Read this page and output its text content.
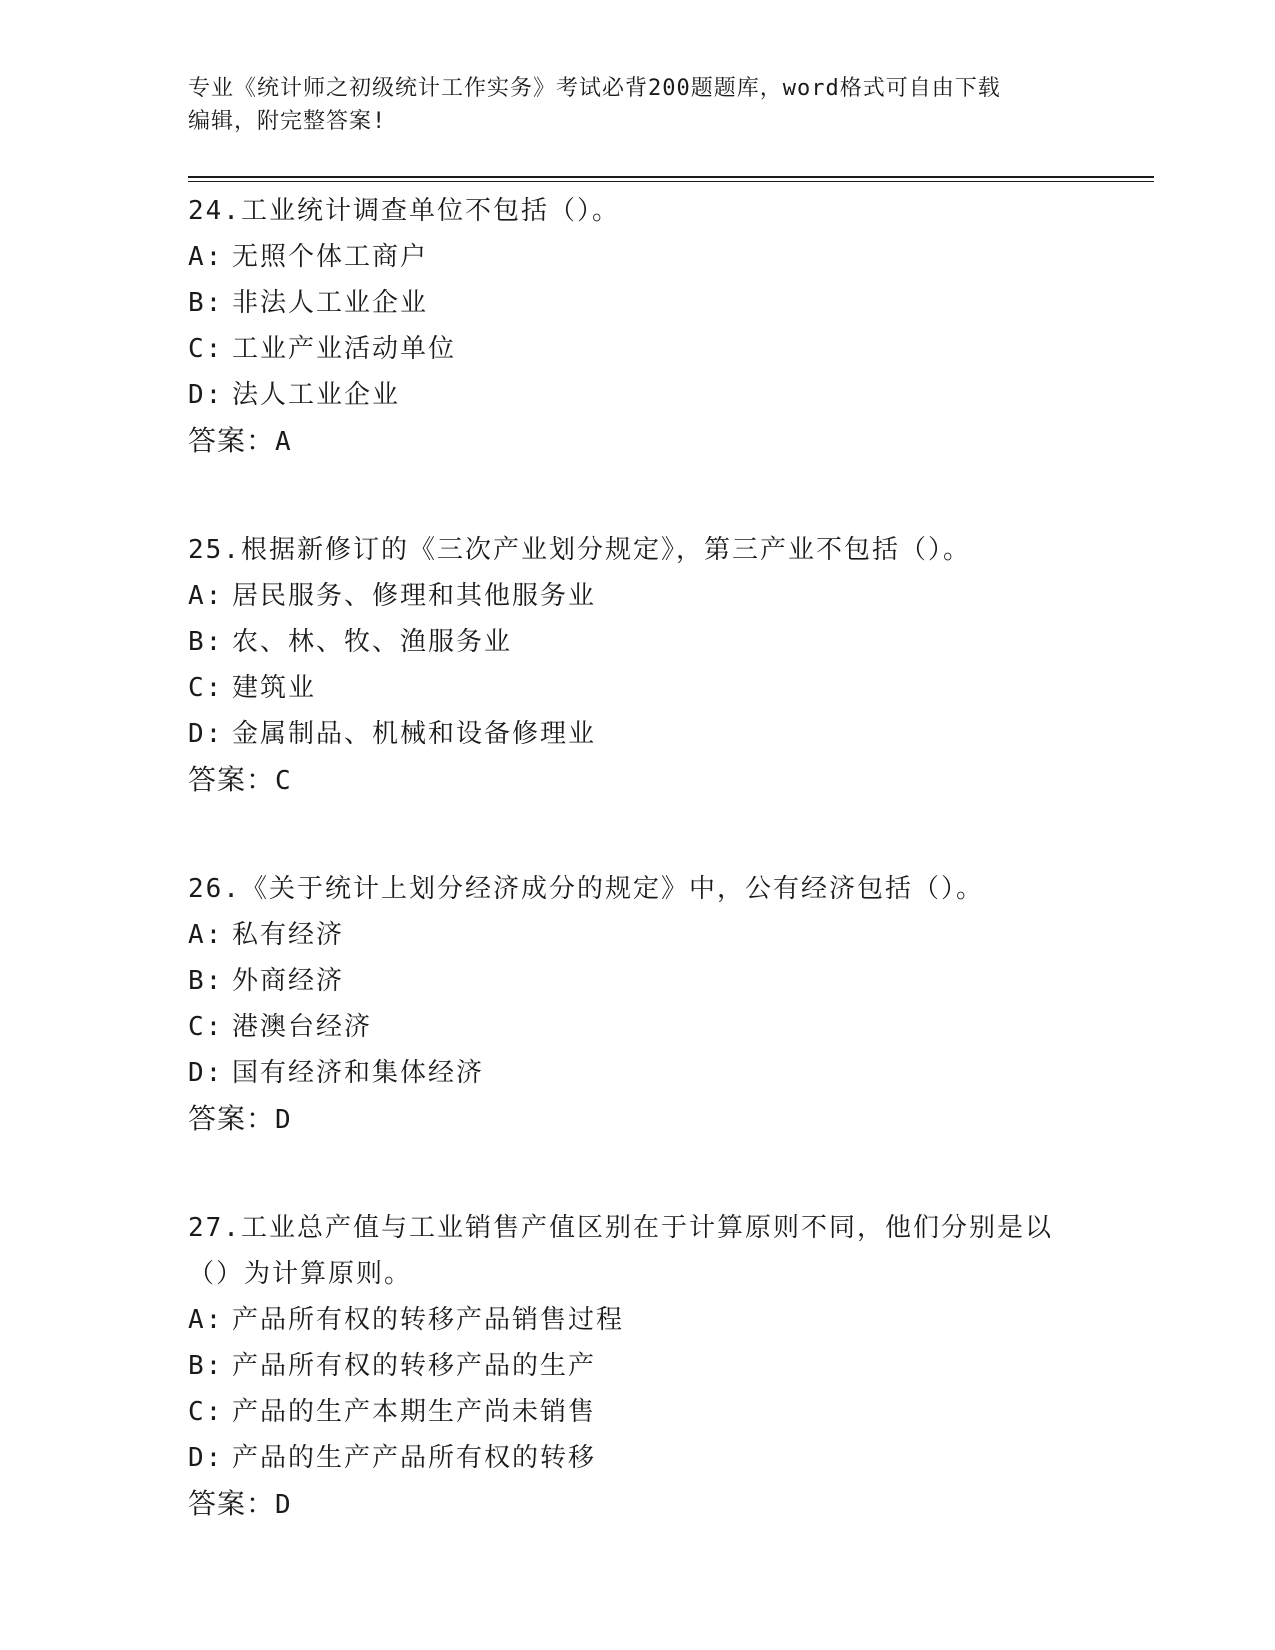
专业《统计师之初级统计工作实务》考试必背200题题库，word格式可自由下载
编辑，附完整答案!

24.工业统计调查单位不包括（）。

A: 无照个体工商户

B: 非法人工业企业

C: 工业产业活动单位

D: 法人工业企业

答案：A

25.根据新修订的《三次产业划分规定》，第三产业不包括（）。

A: 居民服务、修理和其他服务业

B: 农、林、牧、渔服务业

C: 建筑业

D: 金属制品、机械和设备修理业

答案：C

26.《关于统计上划分经济成分的规定》中，公有经济包括（）。

A: 私有经济

B: 外商经济

C: 港澳台经济

D: 国有经济和集体经济

答案：D

27.工业总产值与工业销售产值区别在于计算原则不同，他们分别是以（）为计算原则。

A: 产品所有权的转移产品销售过程

B: 产品所有权的转移产品的生产

C: 产品的生产本期生产尚未销售

D: 产品的生产产品所有权的转移

答案：D
